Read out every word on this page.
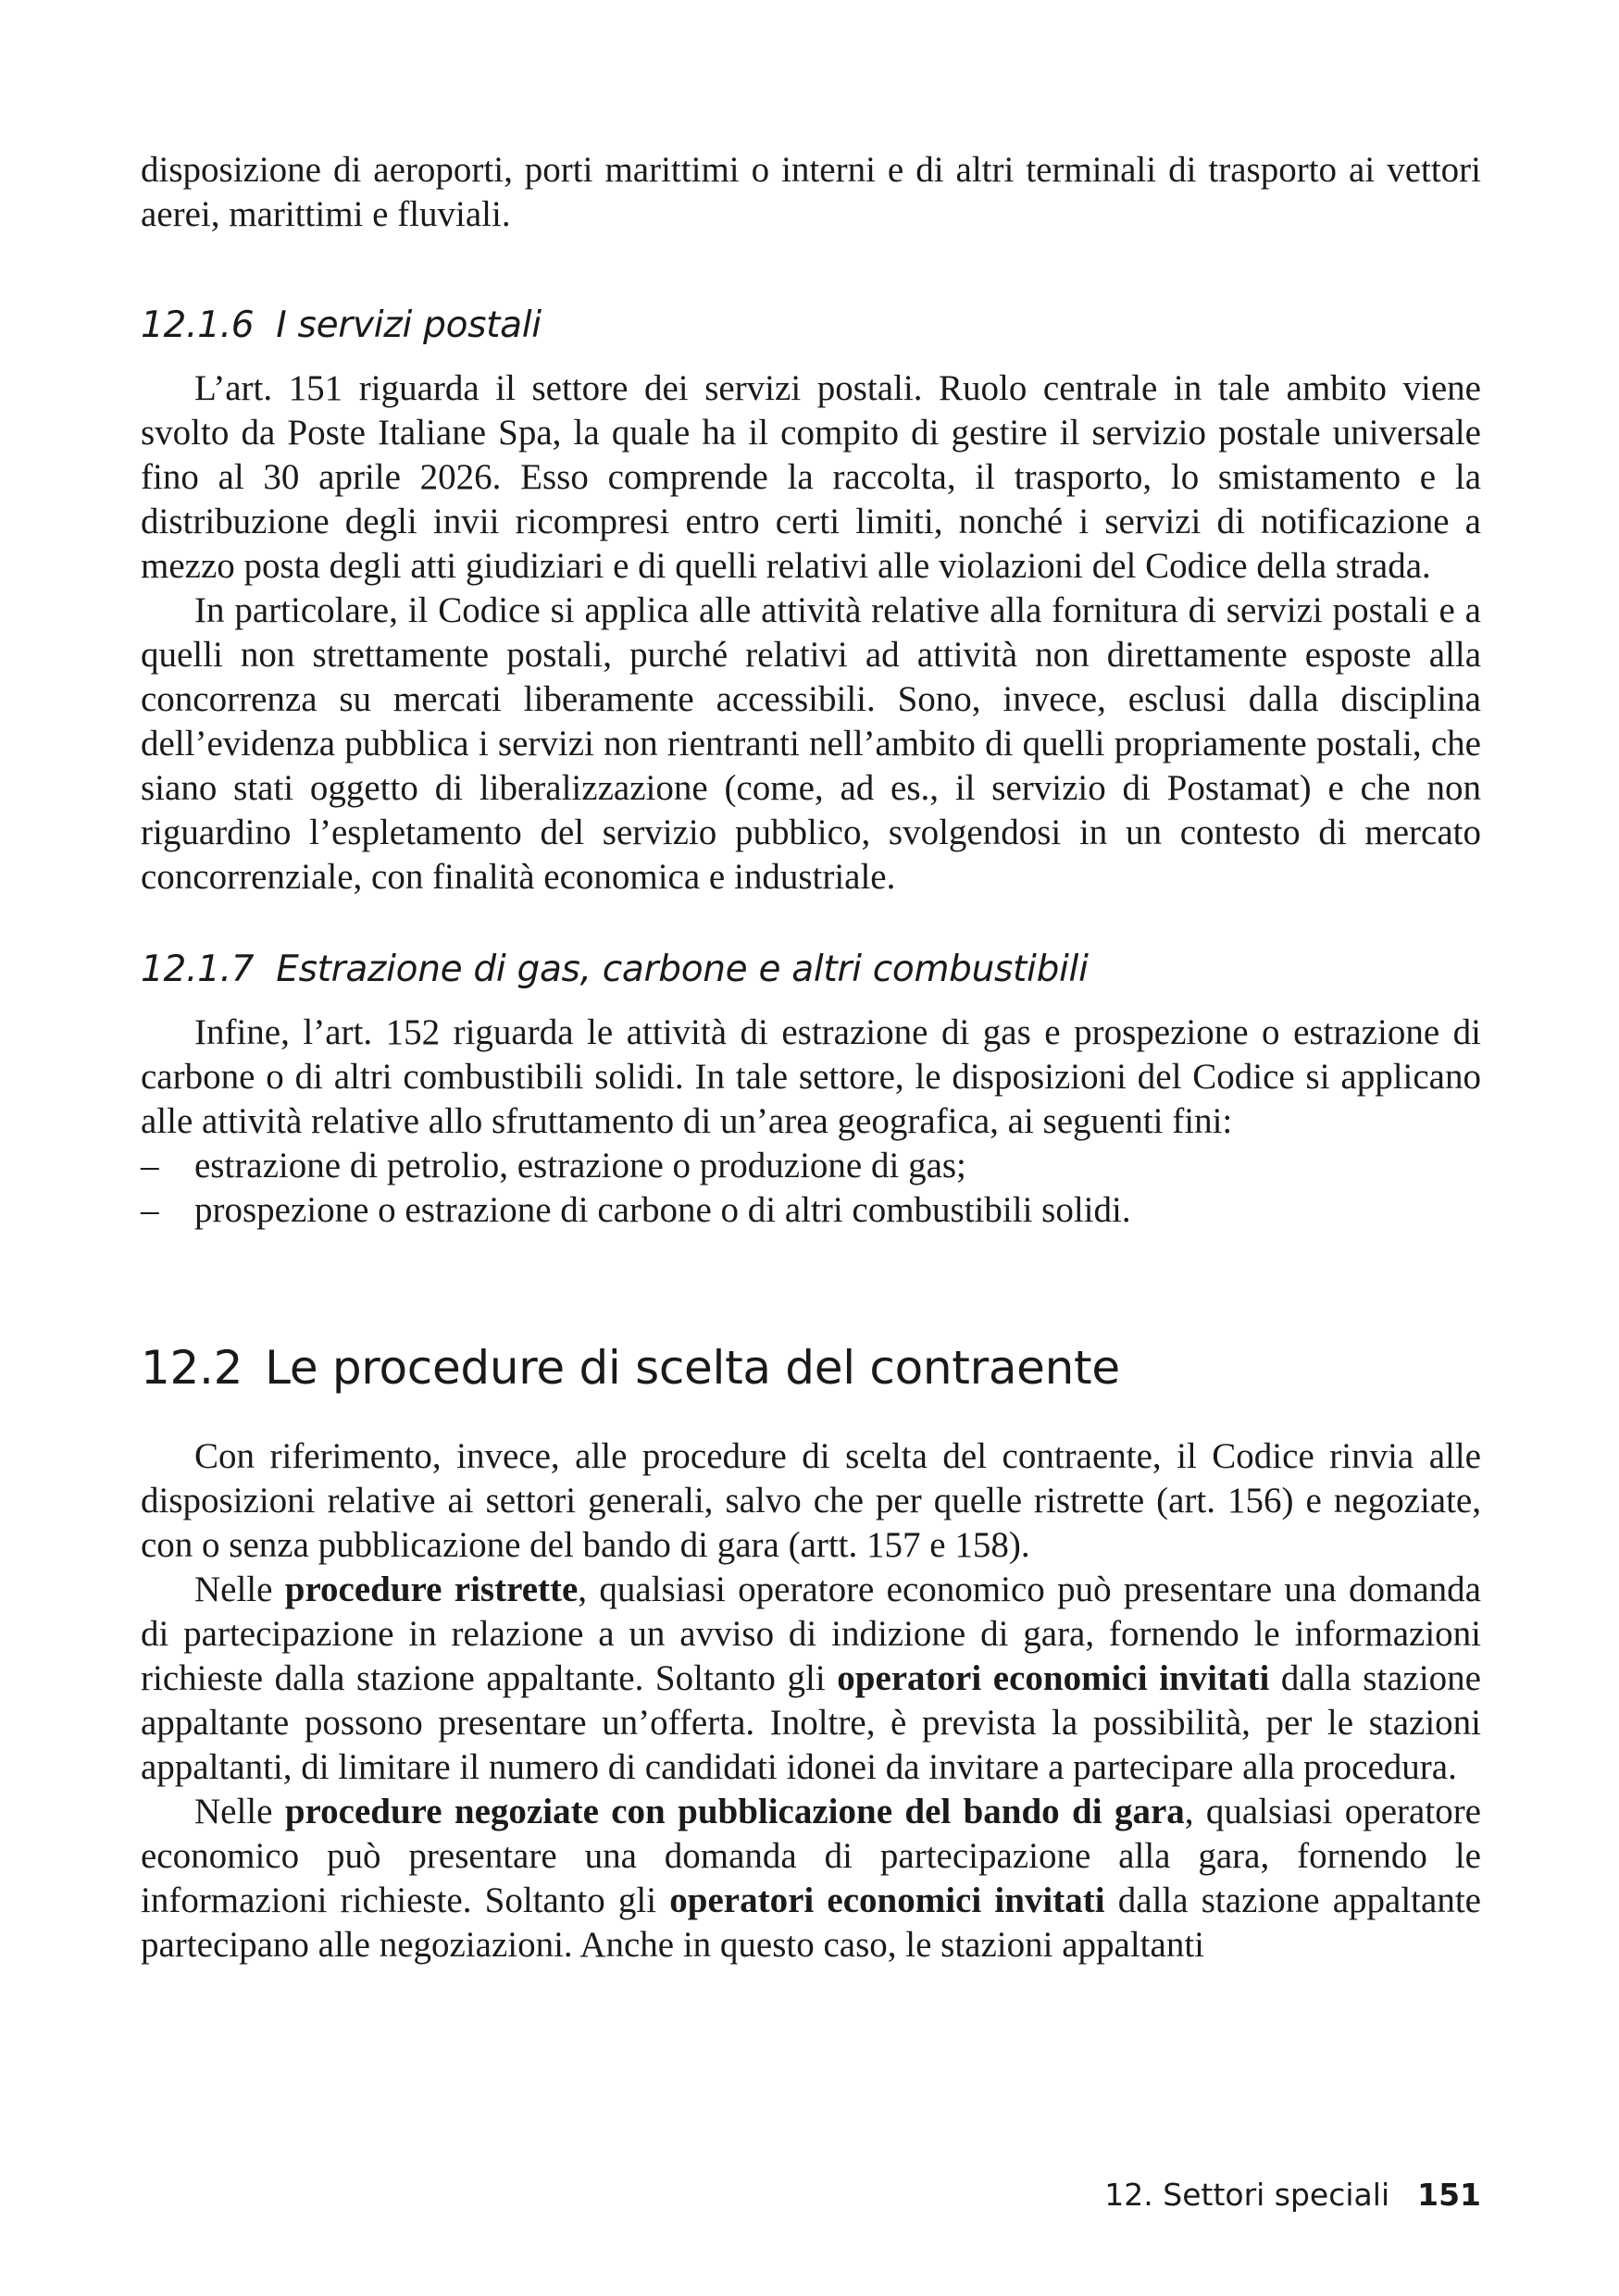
disposizione di aeroporti, porti marittimi o interni e di altri terminali di trasporto ai vettori aerei, marittimi e fluviali.

12.1.6 I servizi postali

L’art. 151 riguarda il settore dei servizi postali. Ruolo centrale in tale ambito viene svolto da Poste Italiane Spa, la quale ha il compito di gestire il servizio postale universale fino al 30 aprile 2026. Esso comprende la raccolta, il trasporto, lo smistamento e la distribuzione degli invii ricompresi entro certi limiti, nonché i servizi di notificazione a mezzo posta degli atti giudiziari e di quelli relativi alle violazioni del Codice della strada.

In particolare, il Codice si applica alle attività relative alla fornitura di servizi postali e a quelli non strettamente postali, purché relativi ad attività non direttamente esposte alla concorrenza su mercati liberamente accessibili. Sono, invece, esclusi dalla disciplina dell’evidenza pubblica i servizi non rientranti nell’ambito di quelli propriamente postali, che siano stati oggetto di liberalizzazione (come, ad es., il servizio di Postamat) e che non riguardino l’espletamento del servizio pubblico, svolgendosi in un contesto di mercato concorrenziale, con finalità economica e industriale.

12.1.7 Estrazione di gas, carbone e altri combustibili

Infine, l’art. 152 riguarda le attività di estrazione di gas e prospezione o estrazione di carbone o di altri combustibili solidi. In tale settore, le disposizioni del Codice si applicano alle attività relative allo sfruttamento di un’area geografica, ai seguenti fini:

– estrazione di petrolio, estrazione o produzione di gas;
– prospezione o estrazione di carbone o di altri combustibili solidi.
12.2 Le procedure di scelta del contraente

Con riferimento, invece, alle procedure di scelta del contraente, il Codice rinvia alle disposizioni relative ai settori generali, salvo che per quelle ristrette (art. 156) e negoziate, con o senza pubblicazione del bando di gara (artt. 157 e 158).

Nelle procedure ristrette, qualsiasi operatore economico può presentare una domanda di partecipazione in relazione a un avviso di indizione di gara, fornendo le informazioni richieste dalla stazione appaltante. Soltanto gli operatori economici invitati dalla stazione appaltante possono presentare un’offerta. Inoltre, è prevista la possibilità, per le stazioni appaltanti, di limitare il numero di candidati idonei da invitare a partecipare alla procedura.

Nelle procedure negoziate con pubblicazione del bando di gara, qualsiasi operatore economico può presentare una domanda di partecipazione alla gara, fornendo le informazioni richieste. Soltanto gli operatori economici invitati dalla stazione appaltante partecipano alle negoziazioni. Anche in questo caso, le stazioni appaltanti

12. Settori speciali 151
